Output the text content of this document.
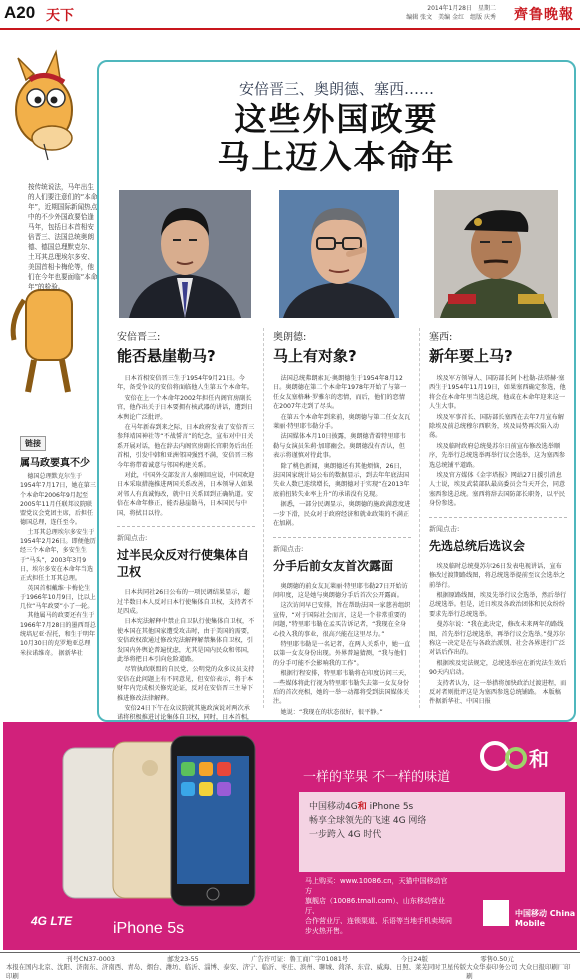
A20 天下	2014年1月28日　星期二
编辑 张文　美编 金红　组版 庆秀 齊鲁晚報
按传统说法，马年出生的人们要注意们的“本命年”，近期国际新闻热点中的不少外国政要恰逢马年，包括日本首相安倍晋三、法国总统奥朗德、德国总理默克尔、土耳其总理埃尔多安、美国首相卡梅伦等，他们在今年也要面临“本命年”的检验。
链接
属马政要真不少

德国总理默克尔生于1954年7月17日，她在第三个本命年2006年9月起至2005年11月任联邦议院联盟党议会党团主席，后担任德国总理，连任至今。

土耳其总理埃尔多安生于1954年2月26日。即便他历经三个本命年，多安生生于“马头”，2003年3月9日，埃尔多安在本命年当选正式担任土耳其总理。

英国首相戴维·卡梅伦生于1966年10月9日，比以上几位“马年政要”小了一轮。

其他属马的政要还有生于1966年7月28日的墨西哥总统培尼亚·涅托，和生于明年10月30日的克罗地亚总理米拉诺维奇。 据新华社

安倍晋三、奥朗德、塞西……
这些外国政要
马上迈入本命年
安倍晋三:
能否悬崖勒马?

日本首相安倍晋三生于1954年9月21日。今年，备受争议的安倍将面临他人生第五个本命年。

安倍在上一个本命年2002年担任内阁官房副长官，他作出关于日本要拥有核武器的讲话，遭到日本舆论广泛批评。

在马年新春到来之际，日本政府发表了安倍晋三参拜靖国神社等“不战誓言”的纪念，宣布对中日关系开展对话，他在辞去内阁官房副长官职务后出任首相，引发中韩和亚洲邻国强烈不满，安倍晋三称今年将带着诚意与邻国构建关系。

对此，中国外交部发言人秦刚回应说，中国欢迎日本采取措施推进两国关系改善，日本领导人如果对邻人有真诚悔改，就中日关系回到正确轨道。安倍在本命年修正，能否悬崖勒马，日本国民与中国，将拭目以待。

新闻点击:
过半民众反对行使集体自卫权

日本共同社26日公布的一项民调结果显示，超过半数日本人反对日本行使集体自卫权，支持者不足四成。

日本宪法解释中禁止自卫队行使集体自卫权，不使本国在其他国家遭受攻击时，由于美国的需要，安倍政权欲通过修改宪法解释解禁集体自卫权，引发国内外舆论普遍忧虑，尤其是国内民众和邻国，此举将把日本引向危险道路。

尽管执政联盟的自民党、公明党的众多议员支持安倍在此问题上有不同意见，但安倍表示，将于本财年内完成相关修宪论证，反对在安倍晋三主导下推进修改法律解释。

安倍24日下午在众议院就其施政演说对两次承诺将积极推进讨论集体自卫权，同时，日本首相，

奥朗德:
马上有对象?

法国总统弗朗索瓦·奥朗德生于1954年8月12日。奥朗德在第二个本命年1978年开始了与第一任女友塞格琳·罗雅尔的恋情，而后，他们的恋情在2007年走到了尽头。

在第五个本命年到来前，奥朗德与第二任女友瓦莱丽·特里耶韦勒分手。

法国媒体本月10日披露，奥朗德背着特里耶韦勒与女演员朱莉·加耶幽会。奥朗德没有否认，但表示将谨慎对待此事。

除了桃色新闻，奥朗德还有其他烦恼，26日，法国国家统计局公布的数据显示，到去年年底法国失业人数已连续增长，奥朗德对于实现“在2013年底前扭转失业率上升”的承诺没有兑现。

据悉，一部分民调显示，奥朗德的施政满意度进一步下滑，民众对于政府经济和就业政策的不满正在加剧。

新闻点击:
分手后前女友首次露面

奥朗德的前女友瓦莱丽·特里耶韦勒27日开始访问印度，这是她与奥朗德分手后首次公开露面。

这次访问早已安排，旨在帮助法国一家慈善组织宣传，“对于国际社会而言，这是一个非常重要的问题，”特里耶韦勒在孟买告诉记者，“我现在全身心投入我的事业，很高兴能在这里尽力。”

特里耶韦勒是一名记者，在两人关系中，她一直以第一女友身份出现。外界普遍猜测，“我与他们的分手可能不会影响我的工作”。

根据行程安排，特里耶韦勒将在印度访问三天，一些媒体将此行视为特里耶韦勒失去第一女友身份后的首次亮相，她的一举一动都将受到法国媒体关注。

她说：“我现在的状态很好，很平静。”

塞西:
新年要上马?

埃及军方领导人、国防部长阿卜杜勒-法塔赫·塞西生于1954年11月19日，如果塞西确定参选，他将会在本命年里当选总统，他或在本命年迎来这一人生大事。

埃及军事首长、国防部长塞西在去年7月宣布解除埃及前总统穆尔西职务，埃及局势再次陷入动荡。

埃及临时政府总统曼苏尔日前宣布修改选举顺序，先举行总统选举再举行议会选举，这为塞西参选总统铺平道路。

埃及官方媒体《金字塔报》网站27日援引消息人士说，埃及武装部队最高委员会当天开会，同意塞西参选总统。塞西将辞去国防部长职务，以平民身份参选。

新闻点击:
先选总统后选议会

埃及临时总统曼苏尔26日发表电视讲话，宣布修改过渡期路线图，将总统选举提前至议会选举之前举行。

根据原路线图，埃及先举行议会选举，然后举行总统选举。但是，近日埃及各政治团体和民众纷纷要求先举行总统选举。

曼苏尔说：“我在此决定，修改未来两年的路线图，首先举行总统选举，再举行议会选举。”曼苏尔称这一决定是在与各政治派别、社会各界进行广泛对话后作出的。

根据埃及宪法规定，总统选举应在新宪法生效后90天内启动。

支持者认为，这一举措将加快政治过渡进程，而反对者则批评这是为塞西参选总统铺路。 本版稿件据新华社、中国日报

4G LTE	iPhone 5s
一样的苹果 不一样的味道
中国移动4G和 iPhone 5s
畅享全球领先的飞速 4G 网络
一步跨入 4G 时代
马上购买：www.10086.cn，天猫中国移动官方
旗舰店（10086.tmall.com）、山东移动营业厅、
合作营业厅、连锁渠道、乐语等当地手机卖场同步火热开售。
和
中国移动 China Mobile
刊号CN37-0003	邮发23-55	广告许可证：鲁工商广字01081号	今日24版	零售0.50元
本报在国内北京、沈阳、济南东、济南西、青岛、烟台、潍坊、临沂、淄博、泰安、济宁、临沂、枣庄、滨州、聊城、菏泽、东营、威海、日照、莱芜同时卫星传版印刷
大众华泰印务公司 大众日报印刷厂印刷
